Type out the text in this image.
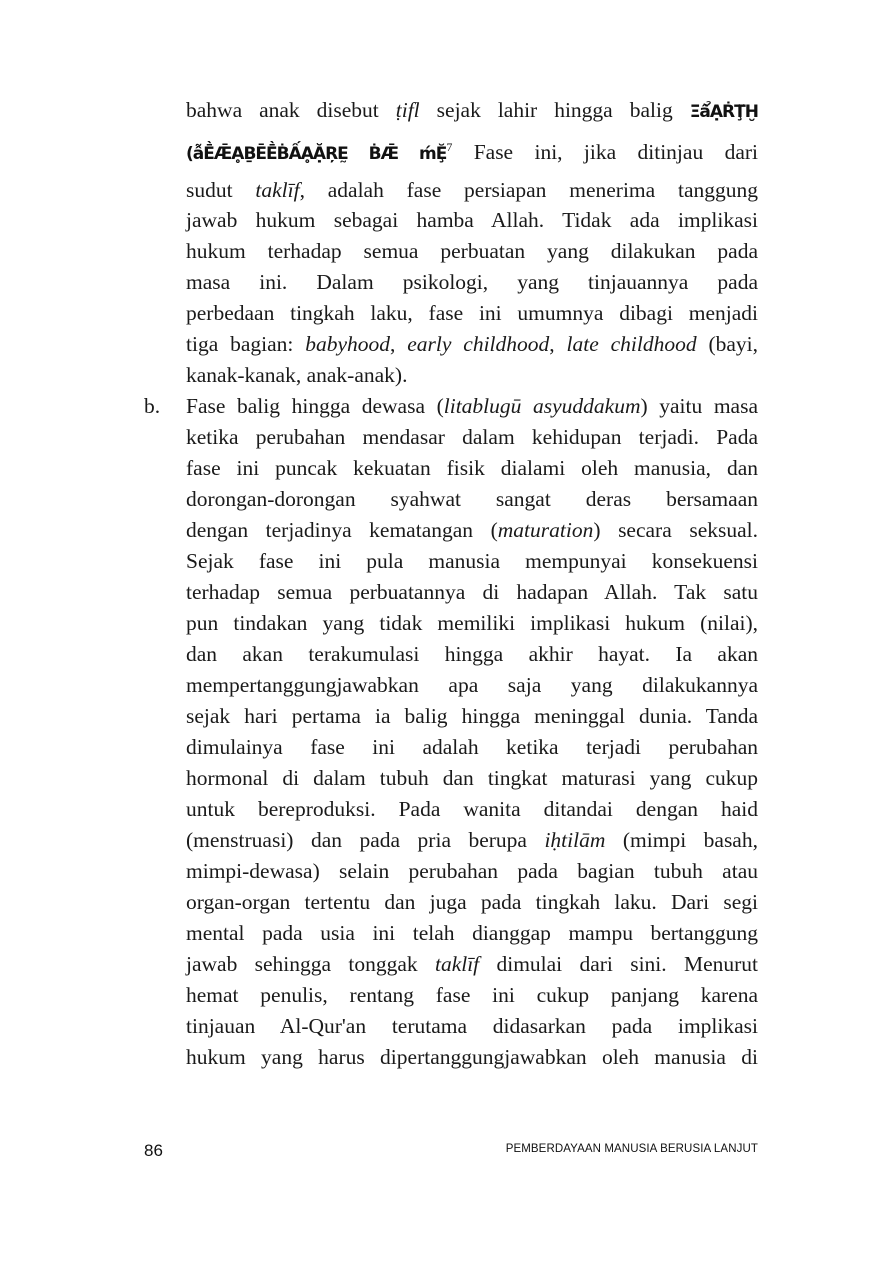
bahwa anak disebut ṭifl sejak lahir hingga balig Ξẩ̌ẠṘŢ̆Ḫ
(ẫḔǢḀḆĒḔḂẤḀẶŖḚ ḂǢ ḿḜ$^7$ Fase ini, jika ditinjau dari
sudut taklīf, adalah fase persiapan menerima tanggung
jawab hukum sebagai hamba Allah. Tidak ada implikasi
hukum terhadap semua perbuatan yang dilakukan pada
masa ini. Dalam psikologi, yang tinjauannya pada
perbedaan tingkah laku, fase ini umumnya dibagi menjadi
tiga bagian: babyhood, early childhood, late childhood (bayi,
kanak-kanak, anak-anak).
b. Fase balig hingga dewasa (litablugū asyuddakum) yaitu masa
ketika perubahan mendasar dalam kehidupan terjadi. Pada
fase ini puncak kekuatan fisik dialami oleh manusia, dan
dorongan-dorongan syahwat sangat deras bersamaan
dengan terjadinya kematangan (maturation) secara seksual.
Sejak fase ini pula manusia mempunyai konsekuensi
terhadap semua perbuatannya di hadapan Allah. Tak satu
pun tindakan yang tidak memiliki implikasi hukum (nilai),
dan akan terakumulasi hingga akhir hayat. Ia akan
mempertanggungjawabkan apa saja yang dilakukannya
sejak hari pertama ia balig hingga meninggal dunia. Tanda
dimulainya fase ini adalah ketika terjadi perubahan
hormonal di dalam tubuh dan tingkat maturasi yang cukup
untuk bereproduksi. Pada wanita ditandai dengan haid
(menstruasi) dan pada pria berupa iḥtilām (mimpi basah,
mimpi-dewasa) selain perubahan pada bagian tubuh atau
organ-organ tertentu dan juga pada tingkah laku. Dari segi
mental pada usia ini telah dianggap mampu bertanggung
jawab sehingga tonggak taklīf dimulai dari sini. Menurut
hemat penulis, rentang fase ini cukup panjang karena
tinjauan Al-Qur'an terutama didasarkan pada implikasi
hukum yang harus dipertanggungjawabkan oleh manusia di
86	PEMBERDAYAAN MANUSIA BERUSIA LANJUT
